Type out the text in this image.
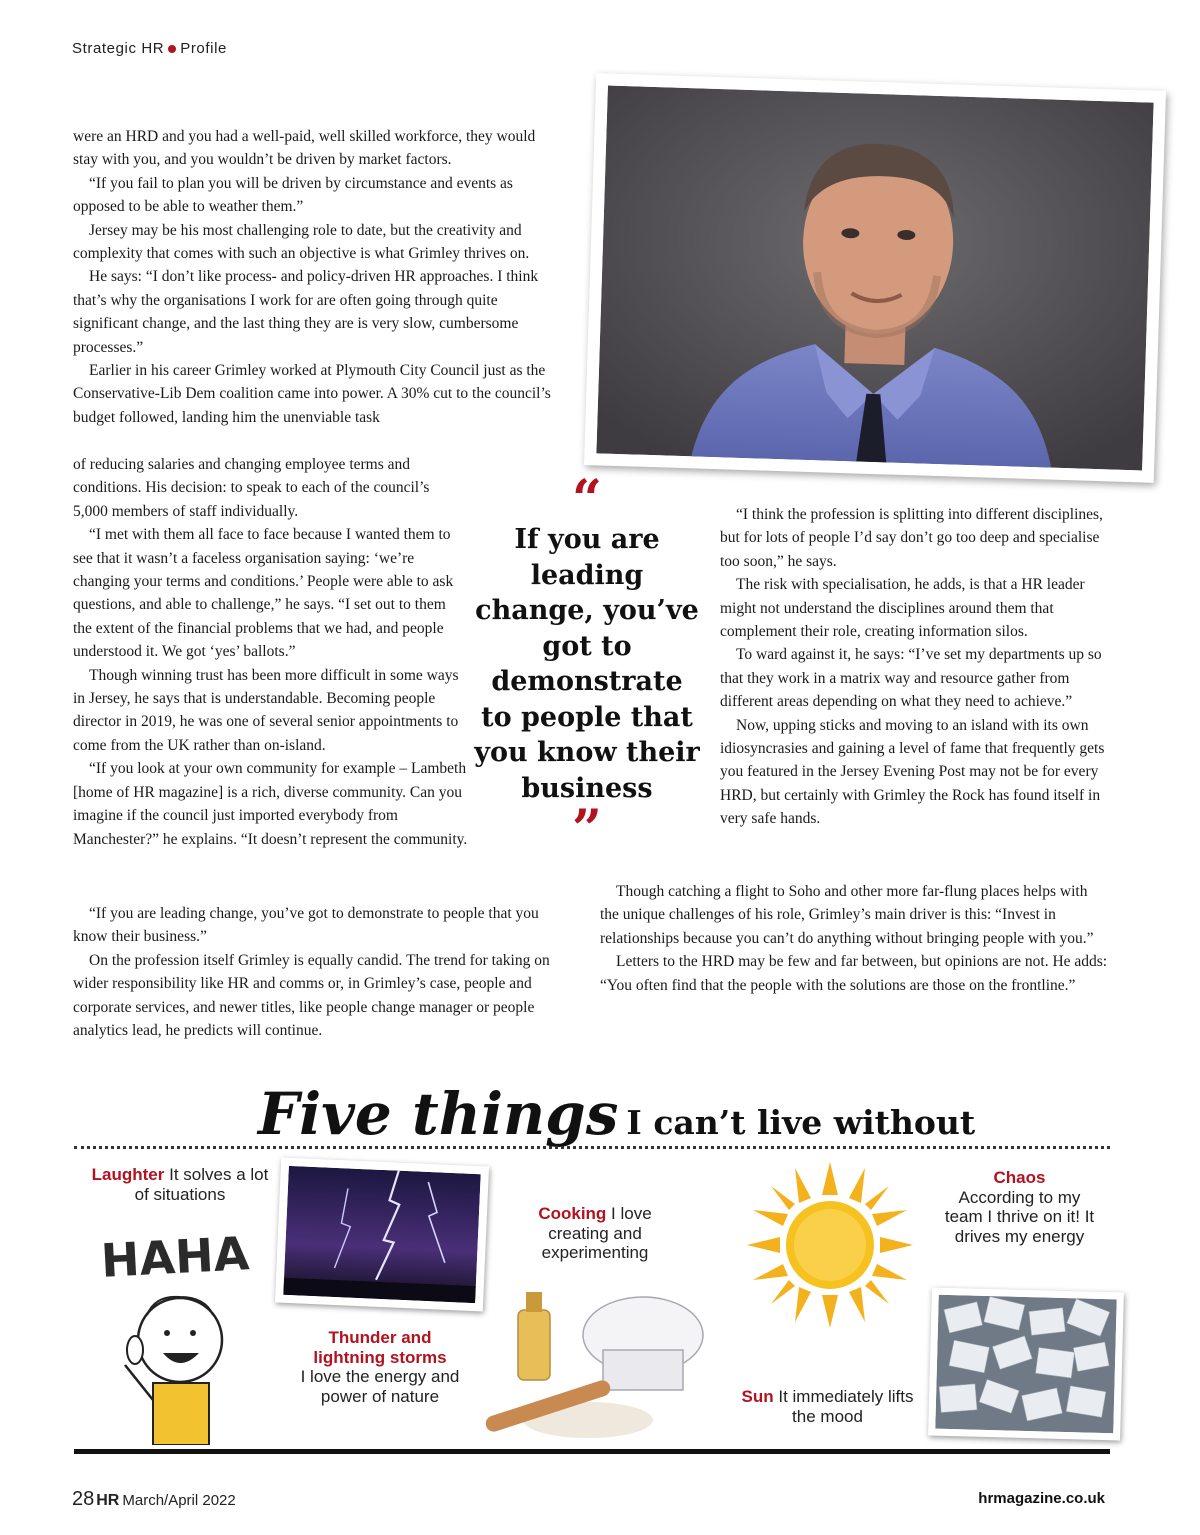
Strategic HR Profile

were an HRD and you had a well-paid, well skilled workforce, they would stay with you, and you wouldn’t be driven by market factors.

“If you fail to plan you will be driven by circumstance and events as opposed to be able to weather them.”

Jersey may be his most challenging role to date, but the creativity and complexity that comes with such an objective is what Grimley thrives on.

He says: “I don’t like process- and policy-driven HR approaches. I think that’s why the organisations I work for are often going through quite significant change, and the last thing they are is very slow, cumbersome processes.”

Earlier in his career Grimley worked at Plymouth City Council just as the Conservative-Lib Dem coalition came into power. A 30% cut to the council’s budget followed, landing him the unenviable task

of reducing salaries and changing employee terms and conditions. His decision: to speak to each of the council’s 5,000 members of staff individually.

“I met with them all face to face because I wanted them to see that it wasn’t a faceless organisation saying: ‘we’re changing your terms and conditions.’ People were able to ask questions, and able to challenge,” he says. “I set out to them the extent of the financial problems that we had, and people understood it. We got ‘yes’ ballots.”

Though winning trust has been more difficult in some ways in Jersey, he says that is understandable. Becoming people director in 2019, he was one of several senior appointments to come from the UK rather than on-island.

“If you look at your own community for example – Lambeth [home of HR magazine] is a rich, diverse community. Can you imagine if the council just imported everybody from Manchester?” he explains. “It doesn’t represent the community.

“If you are leading change, you’ve got to demonstrate to people that you know their business.”

On the profession itself Grimley is equally candid. The trend for taking on wider responsibility like HR and comms or, in Grimley’s case, people and corporate services, and newer titles, like people change manager or people analytics lead, he predicts will continue.

“I think the profession is splitting into different disciplines, but for lots of people I’d say don’t go too deep and specialise too soon,” he says.

The risk with specialisation, he adds, is that a HR leader might not understand the disciplines around them that complement their role, creating information silos.

To ward against it, he says: “I’ve set my departments up so that they work in a matrix way and resource gather from different areas depending on what they need to achieve.”

Now, upping sticks and moving to an island with its own idiosyncrasies and gaining a level of fame that frequently gets you featured in the Jersey Evening Post may not be for every HRD, but certainly with Grimley the Rock has found itself in very safe hands.

Though catching a flight to Soho and other more far-flung places helps with the unique challenges of his role, Grimley’s main driver is this: “Invest in relationships because you can’t do anything without bringing people with you.”

Letters to the HRD may be few and far between, but opinions are not. He adds: “You often find that the people with the solutions are those on the frontline.”

“
If you are leading change, you’ve got to demonstrate to people that you know their business
”
Five things I can’t live without
Laughter It solves a lot of situations
HAHA
Thunder and lightning storms
I love the energy and power of nature
Cooking I love creating and experimenting
Sun It immediately lifts the mood
Chaos
According to my team I thrive on it! It drives my energy
28 HR March/April 2022	hrmagazine.co.uk
